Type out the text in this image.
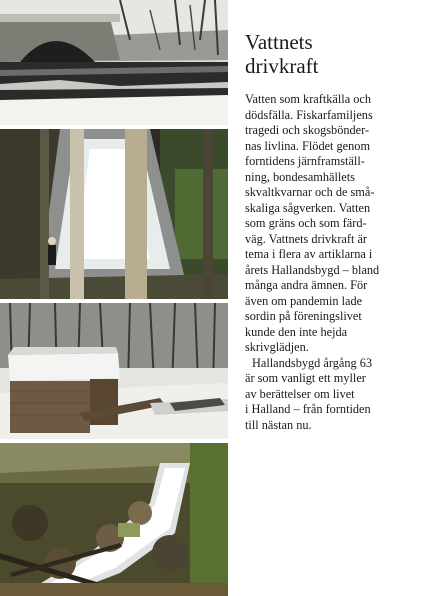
Vattnets
drivkraft

Vatten som kraftkälla och
dödsfälla. Fiskarfamiljens
tragedi och skogsbönder-
nas livlina. Flödet genom
forntidens järnframställ-
ning, bondesamhällets
skvaltkvarnar och de små-
skaliga sågverken. Vatten
som gräns och som färd-
väg. Vattnets drivkraft är
tema i flera av artiklarna i
årets Hallandsbygd – bland
många andra ämnen. För
även om pandemin lade
sordin på föreningslivet
kunde den inte hejda
skrivglädjen.

Hallandsbygd årgång 63
är som vanligt ett myller
av berättelser om livet
i Halland – från forntiden
till nästan nu.
